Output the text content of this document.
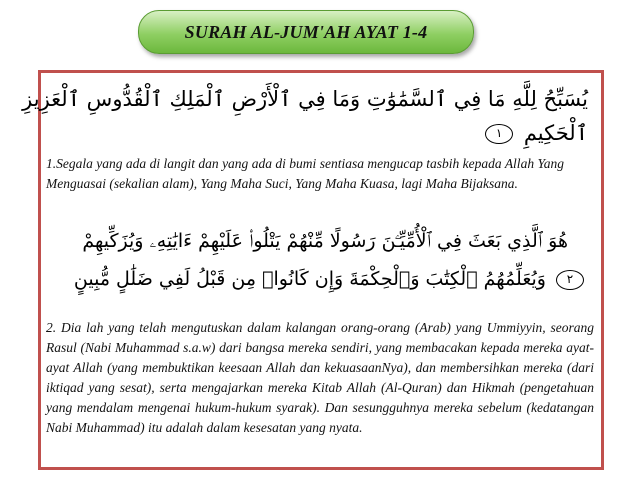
SURAH AL-JUM'AH AYAT 1-4
يُسَبِّحُ لِلَّهِ مَا فِي ٱلسَّمَٰوَٰتِ وَمَا فِي ٱلْأَرْضِ ٱلْمَلِكِ ٱلْقُدُّوسِ ٱلْعَزِيزِ
ٱلْحَكِيمِ ١
1.Segala yang ada di langit dan yang ada di bumi sentiasa mengucap tasbih kepada Allah Yang Menguasai (sekalian alam), Yang Maha Suci, Yang Maha Kuasa, lagi Maha Bijaksana.
هُوَ ٱلَّذِي بَعَثَ فِي ٱلْأُمِّيِّـۧنَ رَسُولًا مِّنْهُمْ يَتْلُوا۟ عَلَيْهِمْ ءَايَٰتِهِۦ وَيُزَكِّيهِمْ
٢ وَيُعَلِّمُهُمُ ٱلْكِتَٰبَ وَٱلْحِكْمَةَ وَإِن كَانُوا۟ مِن قَبْلُ لَفِي ضَلَٰلٍ مُّبِينٍ
2. Dia lah yang telah mengutuskan dalam kalangan orang-orang (Arab) yang Ummiyyin, seorang Rasul (Nabi Muhammad s.a.w) dari bangsa mereka sendiri, yang membacakan kepada mereka ayat-ayat Allah (yang membuktikan keesaan Allah dan kekuasaanNya), dan membersihkan mereka (dari iktiqad yang sesat), serta mengajarkan mereka Kitab Allah (Al-Quran) dan Hikmah (pengetahuan yang mendalam mengenai hukum-hukum syarak). Dan sesungguhnya mereka sebelum (kedatangan Nabi Muhammad) itu adalah dalam kesesatan yang nyata.
